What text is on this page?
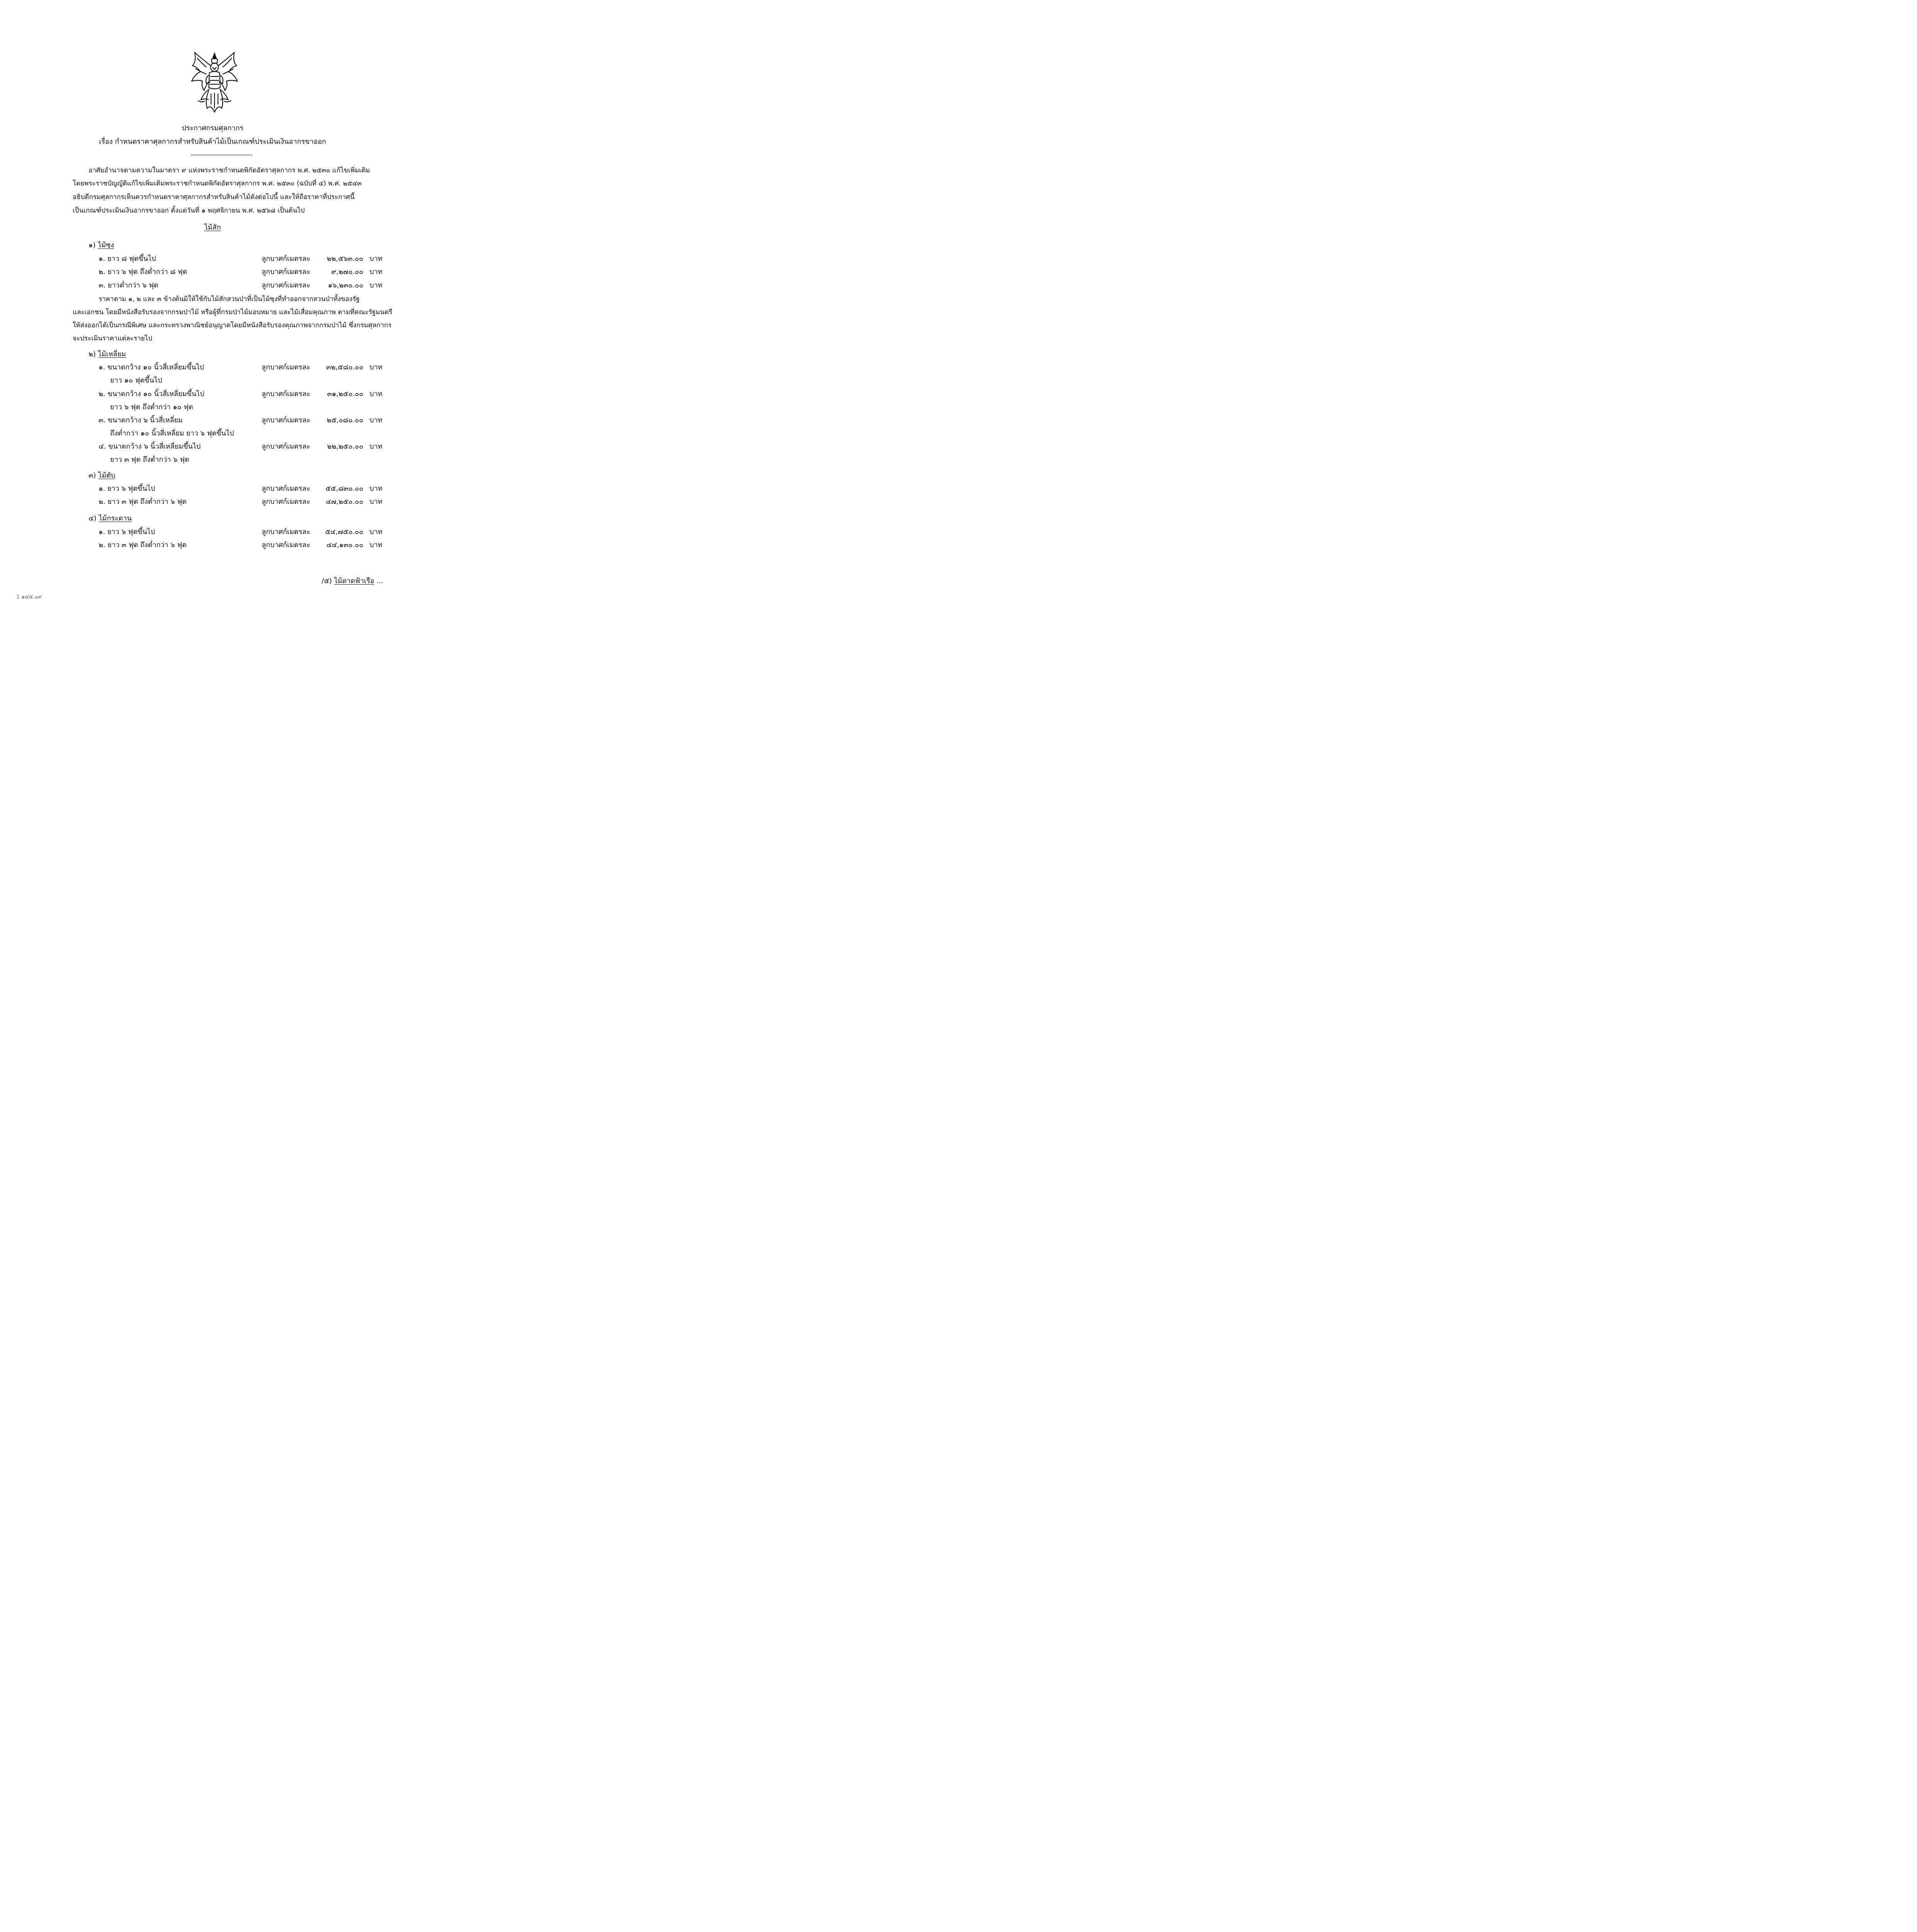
ประกาศกรมศุลกากร
เรื่อง กำหนดราคาศุลกากรสำหรับสินค้าไม้เป็นเกณฑ์ประเมินเงินอากรขาออก
อาศัยอำนาจตามความในมาตรา ๙ แห่งพระราชกำหนดพิกัดอัตราศุลกากร พ.ศ. ๒๕๓๐ แก้ไขเพิ่มเติม
โดยพระราชบัญญัติแก้ไขเพิ่มเติมพระราชกำหนดพิกัดอัตราศุลกากร พ.ศ. ๒๕๓๐ (ฉบับที่ ๔) พ.ศ. ๒๕๔๓
อธิบดีกรมศุลกากรเห็นควรกำหนดราคาศุลกากรสำหรับสินค้าไม้ดังต่อไปนี้ และให้ถือราคาที่ประกาศนี้
เป็นเกณฑ์ประเมินเงินอากรขาออก ตั้งแต่วันที่ ๑ พฤศจิกายน พ.ศ. ๒๕๖๘ เป็นต้นไป
ไม้สัก
๑) ไม้ซุง
๑. ยาว ๘ ฟุตขึ้นไป	ลูกบาศก์เมตรละ	๒๒,๕๖๓.๐๐ บาท
๒. ยาว ๖ ฟุต ถึงต่ำกว่า ๘ ฟุต	ลูกบาศก์เมตรละ	๙,๒๗๐.๐๐ บาท
๓. ยาวต่ำกว่า ๖ ฟุต	ลูกบาศก์เมตรละ	๑๖,๒๓๐.๐๐ บาท
ราคาตาม ๑, ๒ และ ๓ ข้างต้นมิให้ใช้กับไม้สักสวนป่าที่เป็นไม้ซุงที่ทำออกจากสวนป่าทั้งของรัฐ
และเอกชน โดยมีหนังสือรับรองจากกรมป่าไม้ หรือผู้ที่กรมป่าไม้มอบหมาย และไม้เสื่อมคุณภาพ ตามที่คณะรัฐมนตรี
ให้ส่งออกได้เป็นกรณีพิเศษ และกระทรวงพาณิชย์อนุญาตโดยมีหนังสือรับรองคุณภาพจากกรมป่าไม้ ซึ่งกรมศุลกากร
จะประเมินราคาแต่ละรายไป
๒) ไม้เหลี่ยม
๑. ขนาดกว้าง ๑๐ นิ้วสี่เหลี่ยมขึ้นไป	ลูกบาศก์เมตรละ	๓๒,๕๘๐.๐๐ บาท
ยาว ๑๐ ฟุตขึ้นไป
๒. ขนาดกว้าง ๑๐ นิ้วสี่เหลี่ยมขึ้นไป	ลูกบาศก์เมตรละ	๓๑,๒๕๐.๐๐ บาท
ยาว ๖ ฟุต ถึงต่ำกว่า ๑๐ ฟุต
๓. ขนาดกว้าง ๖ นิ้วสี่เหลี่ยม	ลูกบาศก์เมตรละ	๒๕,๐๘๐.๐๐ บาท
ถึงต่ำกว่า ๑๐ นิ้วสี่เหลี่ยม ยาว ๖ ฟุตขึ้นไป
๔. ขนาดกว้าง ๖ นิ้วสี่เหลี่ยมขึ้นไป	ลูกบาศก์เมตรละ	๒๒,๒๕๐.๐๐ บาท
ยาว ๓ ฟุต ถึงต่ำกว่า ๖ ฟุต
๓) ไม้ตับ
๑. ยาว ๖ ฟุตขึ้นไป	ลูกบาศก์เมตรละ	๕๕,๘๓๐.๐๐ บาท
๒. ยาว ๓ ฟุต ถึงต่ำกว่า ๖ ฟุต	ลูกบาศก์เมตรละ	๔๗,๒๕๐.๐๐ บาท
๔) ไม้กระดาน
๑. ยาว ๖ ฟุตขึ้นไป	ลูกบาศก์เมตรละ	๕๔,๗๕๐.๐๐ บาท
๒. ยาว ๓ ฟุต ถึงต่ำกว่า ๖ ฟุต	ลูกบาศก์เมตรละ	๔๔,๑๓๐.๐๐ บาท
/๕) ไม้ดาดฟ้าเรือ ...
1 ๑๔๕.๐๙
